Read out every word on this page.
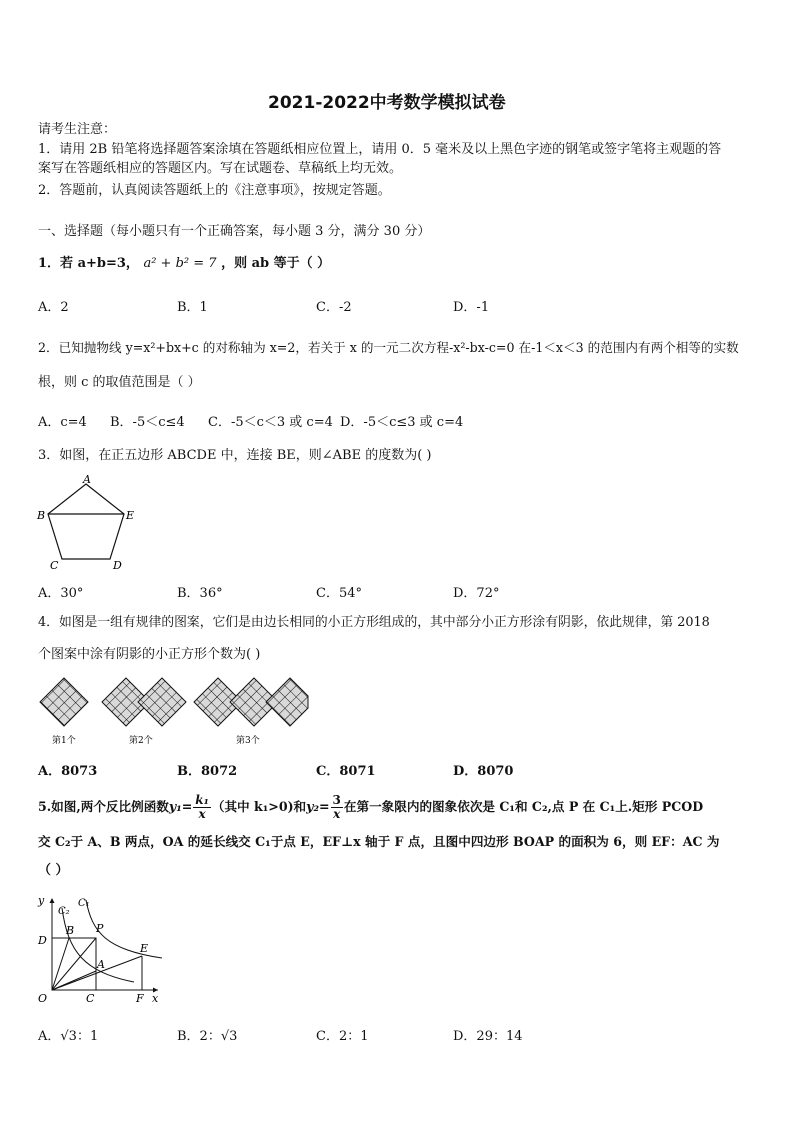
2021-2022中考数学模拟试卷
请考生注意：
1．请用 2B 铅笔将选择题答案涂填在答题纸相应位置上，请用 0．5 毫米及以上黑色字迹的钢笔或签字笔将主观题的答
案写在答题纸相应的答题区内。写在试题卷、草稿纸上均无效。
2．答题前，认真阅读答题纸上的《注意事项》，按规定答题。
一、选择题（每小题只有一个正确答案，每小题 3 分，满分 30 分）
1．若 a+b=3， a² + b² = 7 ，则 ab 等于（ ）
A．2	B．1	C．-2	D．-1
2．已知抛物线 y=x²+bx+c 的对称轴为 x=2，若关于 x 的一元二次方程-x²-bx-c=0 在-1＜x＜3 的范围内有两个相等的实数
根，则 c 的取值范围是（ ）
A．c=4 B．-5＜c≤4 C．-5＜c＜3 或 c=4 D．-5＜c≤3 或 c=4
3．如图，在正五边形 ABCDE 中，连接 BE，则∠ABE 的度数为( )
A
B	E
C	D
A．30°	B．36°	C．54°	D．72°
4．如图是一组有规律的图案，它们是由边长相同的小正方形组成的，其中部分小正方形涂有阴影，依此规律，第 2018
个图案中涂有阴影的小正方形个数为( )
第1个	第2个	第3个
A．8073	B．8072	C．8071	D．8070
5.如图,两个反比例函数$y_1= \frac{\text{k₁}}{x}$ （其中 k₁>0)和$y_2= \frac{3}{x}$ 在第一象限内的图象依次是 C₁和 C₂,点 P 在 C₁上.矩形 PCOD
交 C₂于 A、B 两点，OA 的延长线交 C₁于点 E，EF⊥x 轴于 F 点，且图中四边形 BOAP 的面积为 6，则 EF：AC 为
（ ）
y
C₂
C₁
B P
D
E
A
O	C	F x
A．√3：1	B．2：√3	C．2：1	D．29：14
